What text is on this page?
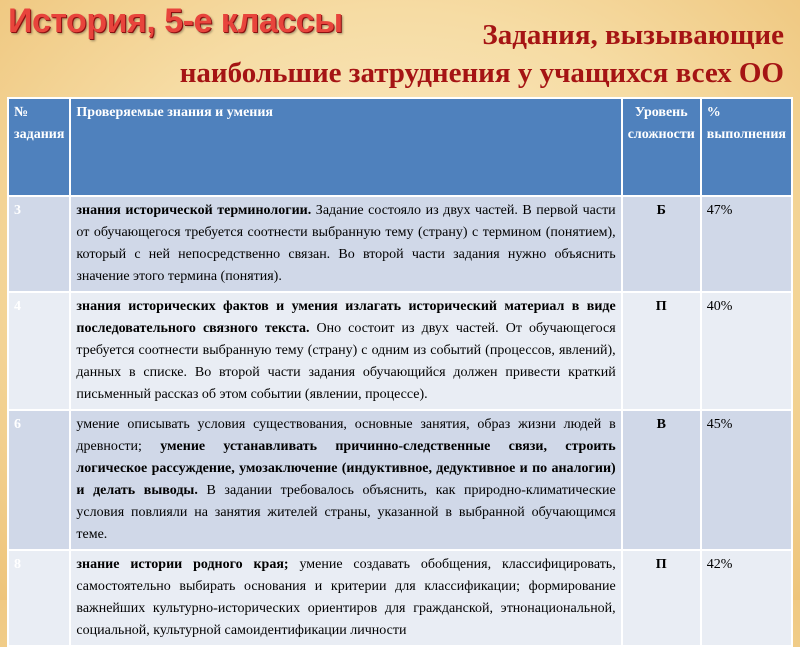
История, 5-е классы	Задания, вызывающие
наибольшие затруднения у учащихся всех ОО
№ задания	Проверяемые знания и умения	Уровень сложности	% выполнения
3	знания исторической терминологии. Задание состояло из двух частей. В первой части от обучающегося требуется соотнести выбранную тему (страну) с термином (понятием), который с ней непосредственно связан. Во второй части задания нужно объяснить значение этого термина (понятия).	Б	47%
4	знания исторических фактов и умения излагать исторический материал в виде последовательного связного текста. Оно состоит из двух частей. От обучающегося требуется соотнести выбранную тему (страну) с одним из событий (процессов, явлений), данных в списке. Во второй части задания обучающийся должен привести краткий письменный рассказ об этом событии (явлении, процессе).	П	40%
6	умение описывать условия существования, основные занятия, образ жизни людей в древности; умение устанавливать причинно-следственные связи, строить логическое рассуждение, умозаключение (индуктивное, дедуктивное и по аналогии) и делать выводы. В задании требовалось объяснить, как природно-климатические условия повлияли на занятия жителей страны, указанной в выбранной обучающимся теме.	В	45%
8	знание истории родного края; умение создавать обобщения, классифицировать, самостоятельно выбирать основания и критерии для классификации; формирование важнейших культурно-исторических ориентиров для гражданской, этнонациональной, социальной, культурной самоидентификации личности	П	42%
